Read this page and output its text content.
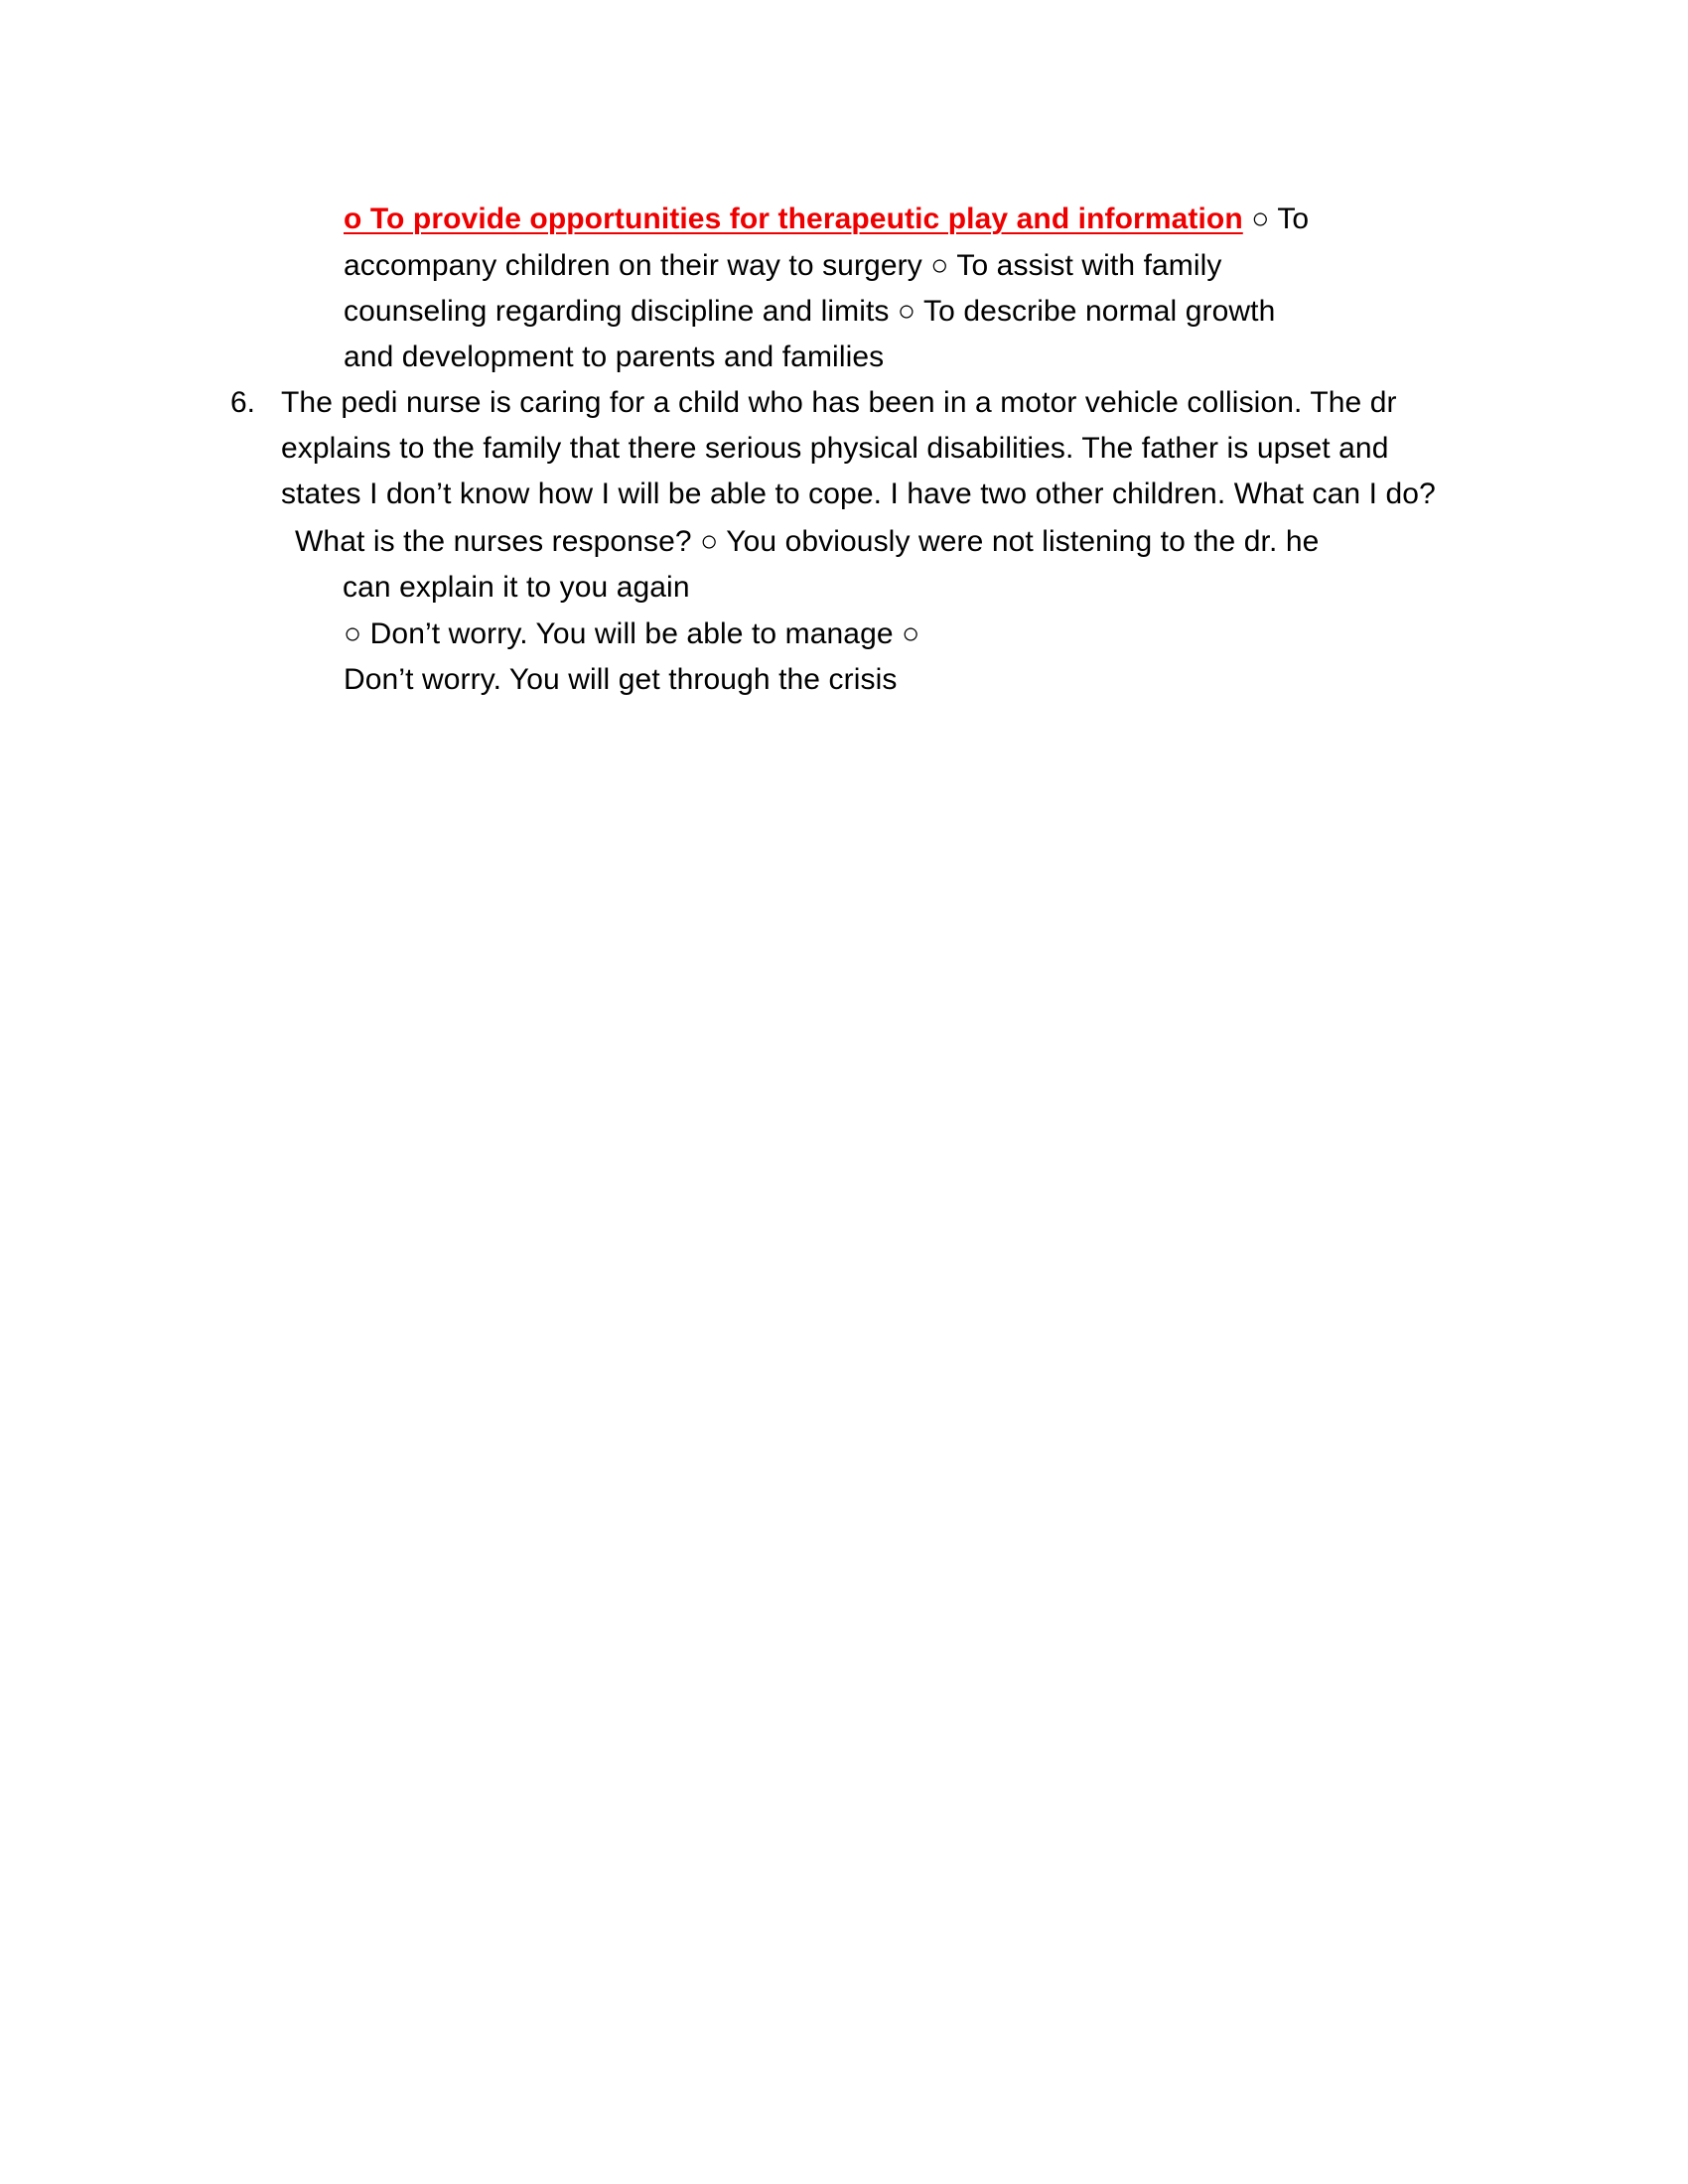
o To provide opportunities for therapeutic play and information ○ To
accompany children on their way to surgery ○ To assist with family
counseling regarding discipline and limits ○ To describe normal growth
and development to parents and families
6. The pedi nurse is caring for a child who has been in a motor vehicle collision. The dr
explains to the family that there serious physical disabilities. The father is upset and
states I don’t know how I will be able to cope. I have two other children. What can I do?
What is the nurses response? ○ You obviously were not listening to the dr. he
can explain it to you again
○ Don’t worry. You will be able to manage ○
Don’t worry. You will get through the crisis
